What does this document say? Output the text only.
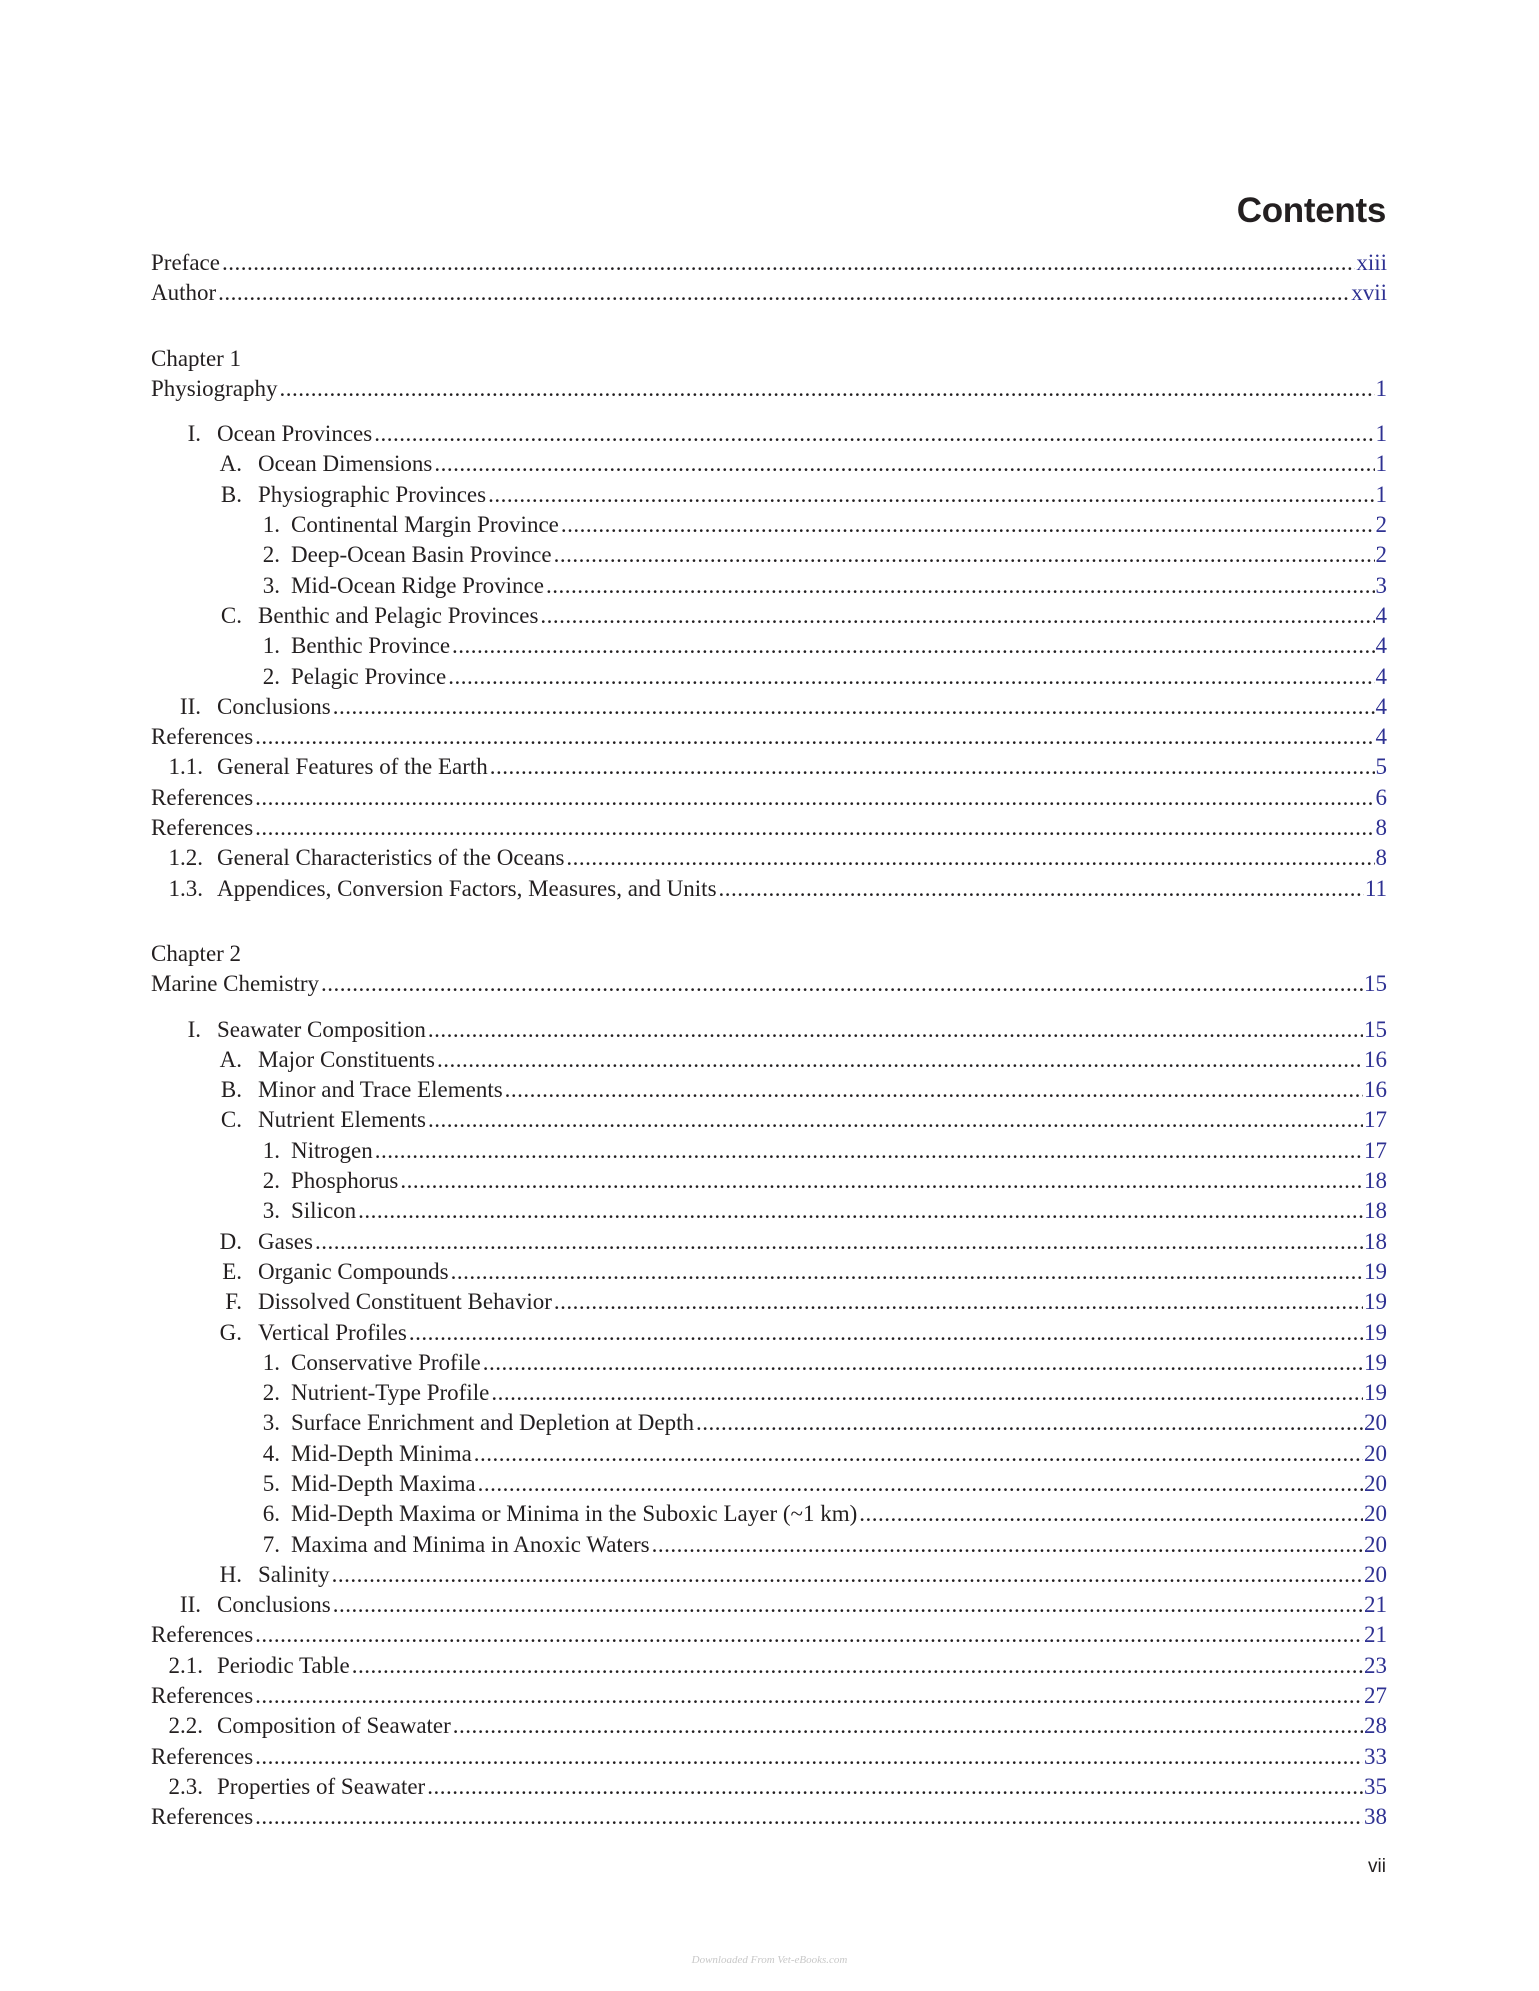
Contents
Preface .....	xiii
Author .....	xvii
Chapter 1
Physiography .....	1
I. Ocean Provinces .....	1
A. Ocean Dimensions .....	1
B. Physiographic Provinces .....	1
1. Continental Margin Province .....	2
2. Deep-Ocean Basin Province .....	2
3. Mid-Ocean Ridge Province .....	3
C. Benthic and Pelagic Provinces .....	4
1. Benthic Province .....	4
2. Pelagic Province .....	4
II. Conclusions .....	4
References .....	4
1.1. General Features of the Earth .....	5
References .....	6
References .....	8
1.2. General Characteristics of the Oceans .....	8
1.3. Appendices, Conversion Factors, Measures, and Units .....	11
Chapter 2
Marine Chemistry .....	15
I. Seawater Composition .....	15
A. Major Constituents .....	16
B. Minor and Trace Elements .....	16
C. Nutrient Elements .....	17
1. Nitrogen .....	17
2. Phosphorus .....	18
3. Silicon .....	18
D. Gases .....	18
E. Organic Compounds .....	19
F. Dissolved Constituent Behavior .....	19
G. Vertical Profiles .....	19
1. Conservative Profile .....	19
2. Nutrient-Type Profile .....	19
3. Surface Enrichment and Depletion at Depth .....	20
4. Mid-Depth Minima .....	20
5. Mid-Depth Maxima .....	20
6. Mid-Depth Maxima or Minima in the Suboxic Layer (~1 km) .....	20
7. Maxima and Minima in Anoxic Waters .....	20
H. Salinity .....	20
II. Conclusions .....	21
References .....	21
2.1. Periodic Table .....	23
References .....	27
2.2. Composition of Seawater .....	28
References .....	33
2.3. Properties of Seawater .....	35
References .....	38
vii
Downloaded From Vet-eBooks.com
